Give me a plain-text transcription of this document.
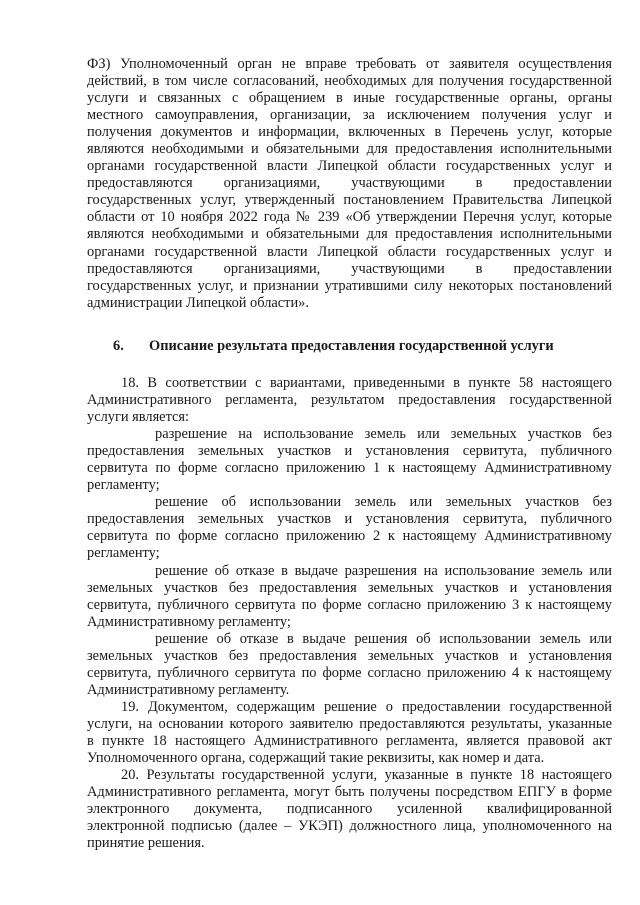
ФЗ) Уполномоченный орган не вправе требовать от заявителя осуществления
действий, в том числе согласований, необходимых для получения государственной
услуги и связанных с обращением в иные государственные органы, органы
местного самоуправления, организации, за исключением получения услуг и
получения документов и информации, включенных в Перечень услуг, которые
являются необходимыми и обязательными для предоставления исполнительными
органами государственной власти Липецкой области государственных услуг и
предоставляются организациями, участвующими в предоставлении
государственных услуг, утвержденный постановлением Правительства Липецкой
области от 10 ноября 2022 года № 239 «Об утверждении Перечня услуг, которые
являются необходимыми и обязательными для предоставления исполнительными
органами государственной власти Липецкой области государственных услуг и
предоставляются организациями, участвующими в предоставлении
государственных услуг, и признании утратившими силу некоторых постановлений
администрации Липецкой области».
6. Описание результата предоставления государственной услуги
18. В соответствии с вариантами, приведенными в пункте 58 настоящего
Административного регламента, результатом предоставления государственной
услуги является:
разрешение на использование земель или земельных участков без
предоставления земельных участков и установления сервитута, публичного
сервитута по форме согласно приложению 1 к настоящему Административному
регламенту;
решение об использовании земель или земельных участков без
предоставления земельных участков и установления сервитута, публичного
сервитута по форме согласно приложению 2 к настоящему Административному
регламенту;
решение об отказе в выдаче разрешения на использование земель или
земельных участков без предоставления земельных участков и установления
сервитута, публичного сервитута по форме согласно приложению 3 к настоящему
Административному регламенту;
решение об отказе в выдаче решения об использовании земель или
земельных участков без предоставления земельных участков и установления
сервитута, публичного сервитута по форме согласно приложению 4 к настоящему
Административному регламенту.
19. Документом, содержащим решение о предоставлении государственной
услуги, на основании которого заявителю предоставляются результаты, указанные
в пункте 18 настоящего Административного регламента, является правовой акт
Уполномоченного органа, содержащий такие реквизиты, как номер и дата.
20. Результаты государственной услуги, указанные в пункте 18 настоящего
Административного регламента, могут быть получены посредством ЕПГУ в форме
электронного документа, подписанного усиленной квалифицированной
электронной подписью (далее – УКЭП) должностного лица, уполномоченного на
принятие решения.
